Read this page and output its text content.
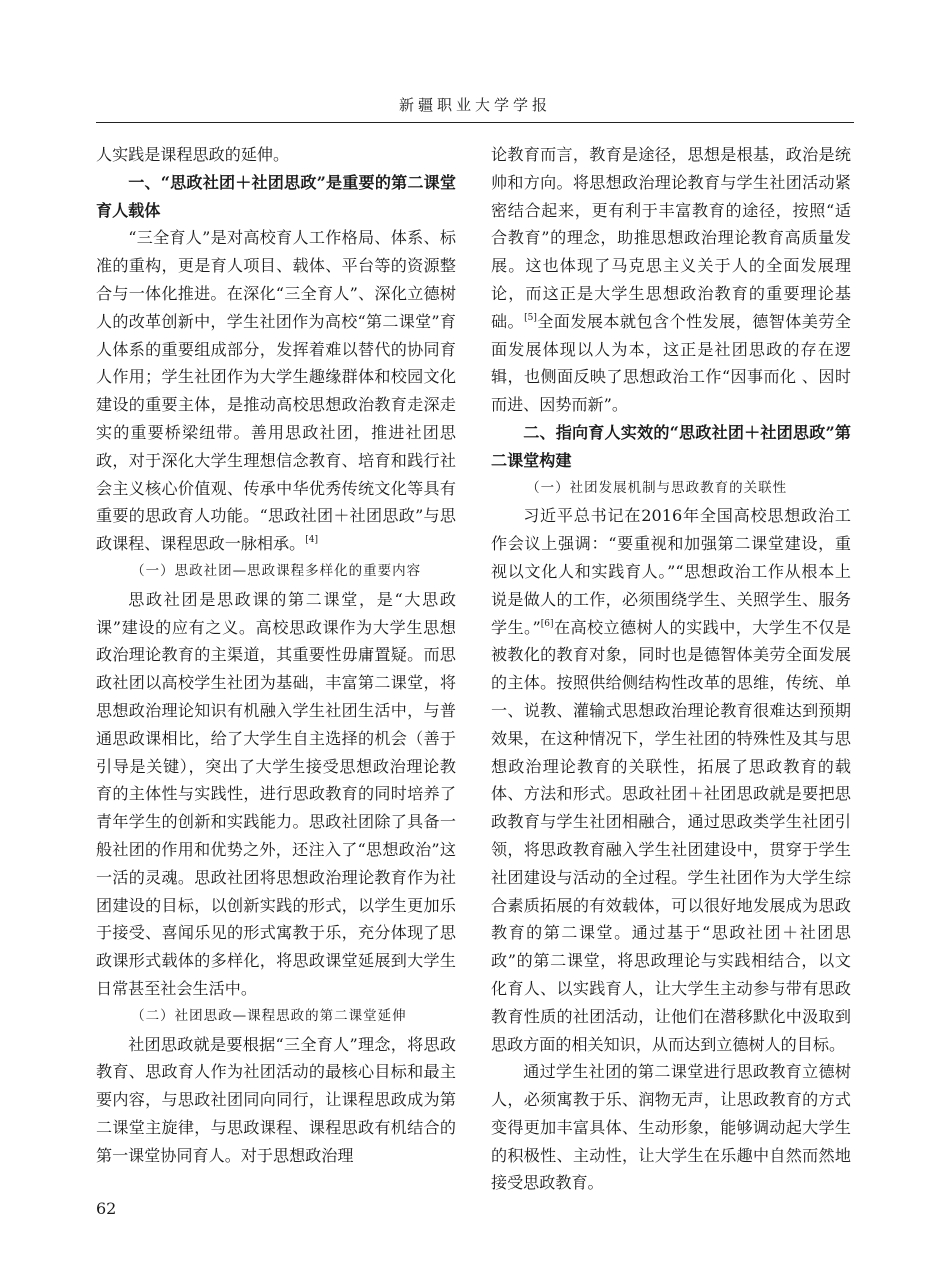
新疆职业大学学报

人实践是课程思政的延伸。

一、“思政社团＋社团思政”是重要的第二课堂育人载体

“三全育人”是对高校育人工作格局、体系、标准的重构，更是育人项目、载体、平台等的资源整合与一体化推进。在深化“三全育人”、深化立德树人的改革创新中，学生社团作为高校“第二课堂”育人体系的重要组成部分，发挥着难以替代的协同育人作用；学生社团作为大学生趣缘群体和校园文化建设的重要主体，是推动高校思想政治教育走深走实的重要桥梁纽带。善用思政社团，推进社团思政，对于深化大学生理想信念教育、培育和践行社会主义核心价值观、传承中华优秀传统文化等具有重要的思政育人功能。“思政社团＋社团思政”与思政课程、课程思政一脉相承。[4]

（一）思政社团—思政课程多样化的重要内容

思政社团是思政课的第二课堂，是“大思政课”建设的应有之义。高校思政课作为大学生思想政治理论教育的主渠道，其重要性毋庸置疑。而思政社团以高校学生社团为基础，丰富第二课堂，将思想政治理论知识有机融入学生社团生活中，与普通思政课相比，给了大学生自主选择的机会（善于引导是关键），突出了大学生接受思想政治理论教育的主体性与实践性，进行思政教育的同时培养了青年学生的创新和实践能力。思政社团除了具备一般社团的作用和优势之外，还注入了“思想政治”这一活的灵魂。思政社团将思想政治理论教育作为社团建设的目标，以创新实践的形式，以学生更加乐于接受、喜闻乐见的形式寓教于乐，充分体现了思政课形式载体的多样化，将思政课堂延展到大学生日常甚至社会生活中。

（二）社团思政—课程思政的第二课堂延伸

社团思政就是要根据“三全育人”理念，将思政教育、思政育人作为社团活动的最核心目标和最主要内容，与思政社团同向同行，让课程思政成为第二课堂主旋律，与思政课程、课程思政有机结合的第一课堂协同育人。对于思想政治理

论教育而言，教育是途径，思想是根基，政治是统帅和方向。将思想政治理论教育与学生社团活动紧密结合起来，更有利于丰富教育的途径，按照“适合教育”的理念，助推思想政治理论教育高质量发展。这也体现了马克思主义关于人的全面发展理论，而这正是大学生思想政治教育的重要理论基础。[5]全面发展本就包含个性发展，德智体美劳全面发展体现以人为本，这正是社团思政的存在逻辑，也侧面反映了思想政治工作“因事而化 、因时而进、因势而新”。

二、指向育人实效的“思政社团＋社团思政”第二课堂构建

（一）社团发展机制与思政教育的关联性

习近平总书记在2016年全国高校思想政治工作会议上强调：“要重视和加强第二课堂建设，重视以文化人和实践育人。”“思想政治工作从根本上说是做人的工作，必须围绕学生、关照学生、服务学生。”[6]在高校立德树人的实践中，大学生不仅是被教化的教育对象，同时也是德智体美劳全面发展的主体。按照供给侧结构性改革的思维，传统、单一、说教、灌输式思想政治理论教育很难达到预期效果，在这种情况下，学生社团的特殊性及其与思想政治理论教育的关联性，拓展了思政教育的载体、方法和形式。思政社团＋社团思政就是要把思政教育与学生社团相融合，通过思政类学生社团引领，将思政教育融入学生社团建设中，贯穿于学生社团建设与活动的全过程。学生社团作为大学生综合素质拓展的有效载体，可以很好地发展成为思政教育的第二课堂。通过基于“思政社团＋社团思政”的第二课堂，将思政理论与实践相结合，以文化育人、以实践育人，让大学生主动参与带有思政教育性质的社团活动，让他们在潜移默化中汲取到思政方面的相关知识，从而达到立德树人的目标。

通过学生社团的第二课堂进行思政教育立德树人，必须寓教于乐、润物无声，让思政教育的方式变得更加丰富具体、生动形象，能够调动起大学生的积极性、主动性，让大学生在乐趣中自然而然地接受思政教育。

62
